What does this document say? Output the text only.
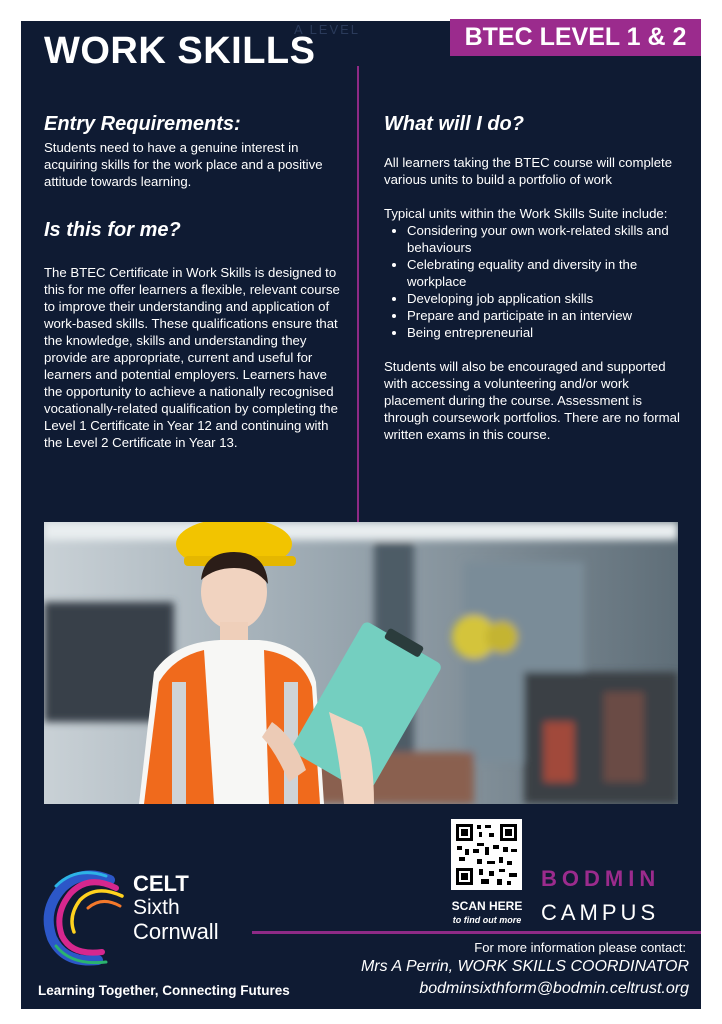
WORK SKILLS
A LEVEL	BTEC LEVEL 1 & 2
Entry Requirements:

Students need to have a genuine interest in acquiring skills for the work place and a positive attitude towards learning.

Is this for me?

The BTEC Certificate in Work Skills is designed to this for me offer learners a flexible, relevant course to improve their understanding and application of work-based skills. These qualifications ensure that the knowledge, skills and understanding they provide are appropriate, current and useful for learners and potential employers. Learners have the opportunity to achieve a nationally recognised vocationally-related qualification by completing the Level 1 Certificate in Year 12 and continuing with the Level 2 Certificate in Year 13.

What will I do?

All learners taking the BTEC course will complete various units to build a portfolio of work

Typical units within the Work Skills Suite include:

• Considering your own work-related skills and behaviours
• Celebrating equality and diversity in the workplace
• Developing job application skills
• Prepare and participate in an interview
• Being entrepreneurial

Students will also be encouraged and supported with accessing a volunteering and/or work placement during the course. Assessment is through coursework portfolios. There are no formal written exams in this course.

SCAN HERE
to find out more
BODMIN
CAMPUS
For more information please contact:
Mrs A Perrin, WORK SKILLS COORDINATOR
bodminsixthform@bodmin.celtrust.org
CELT
Sixth
Cornwall
Learning Together, Connecting Futures
